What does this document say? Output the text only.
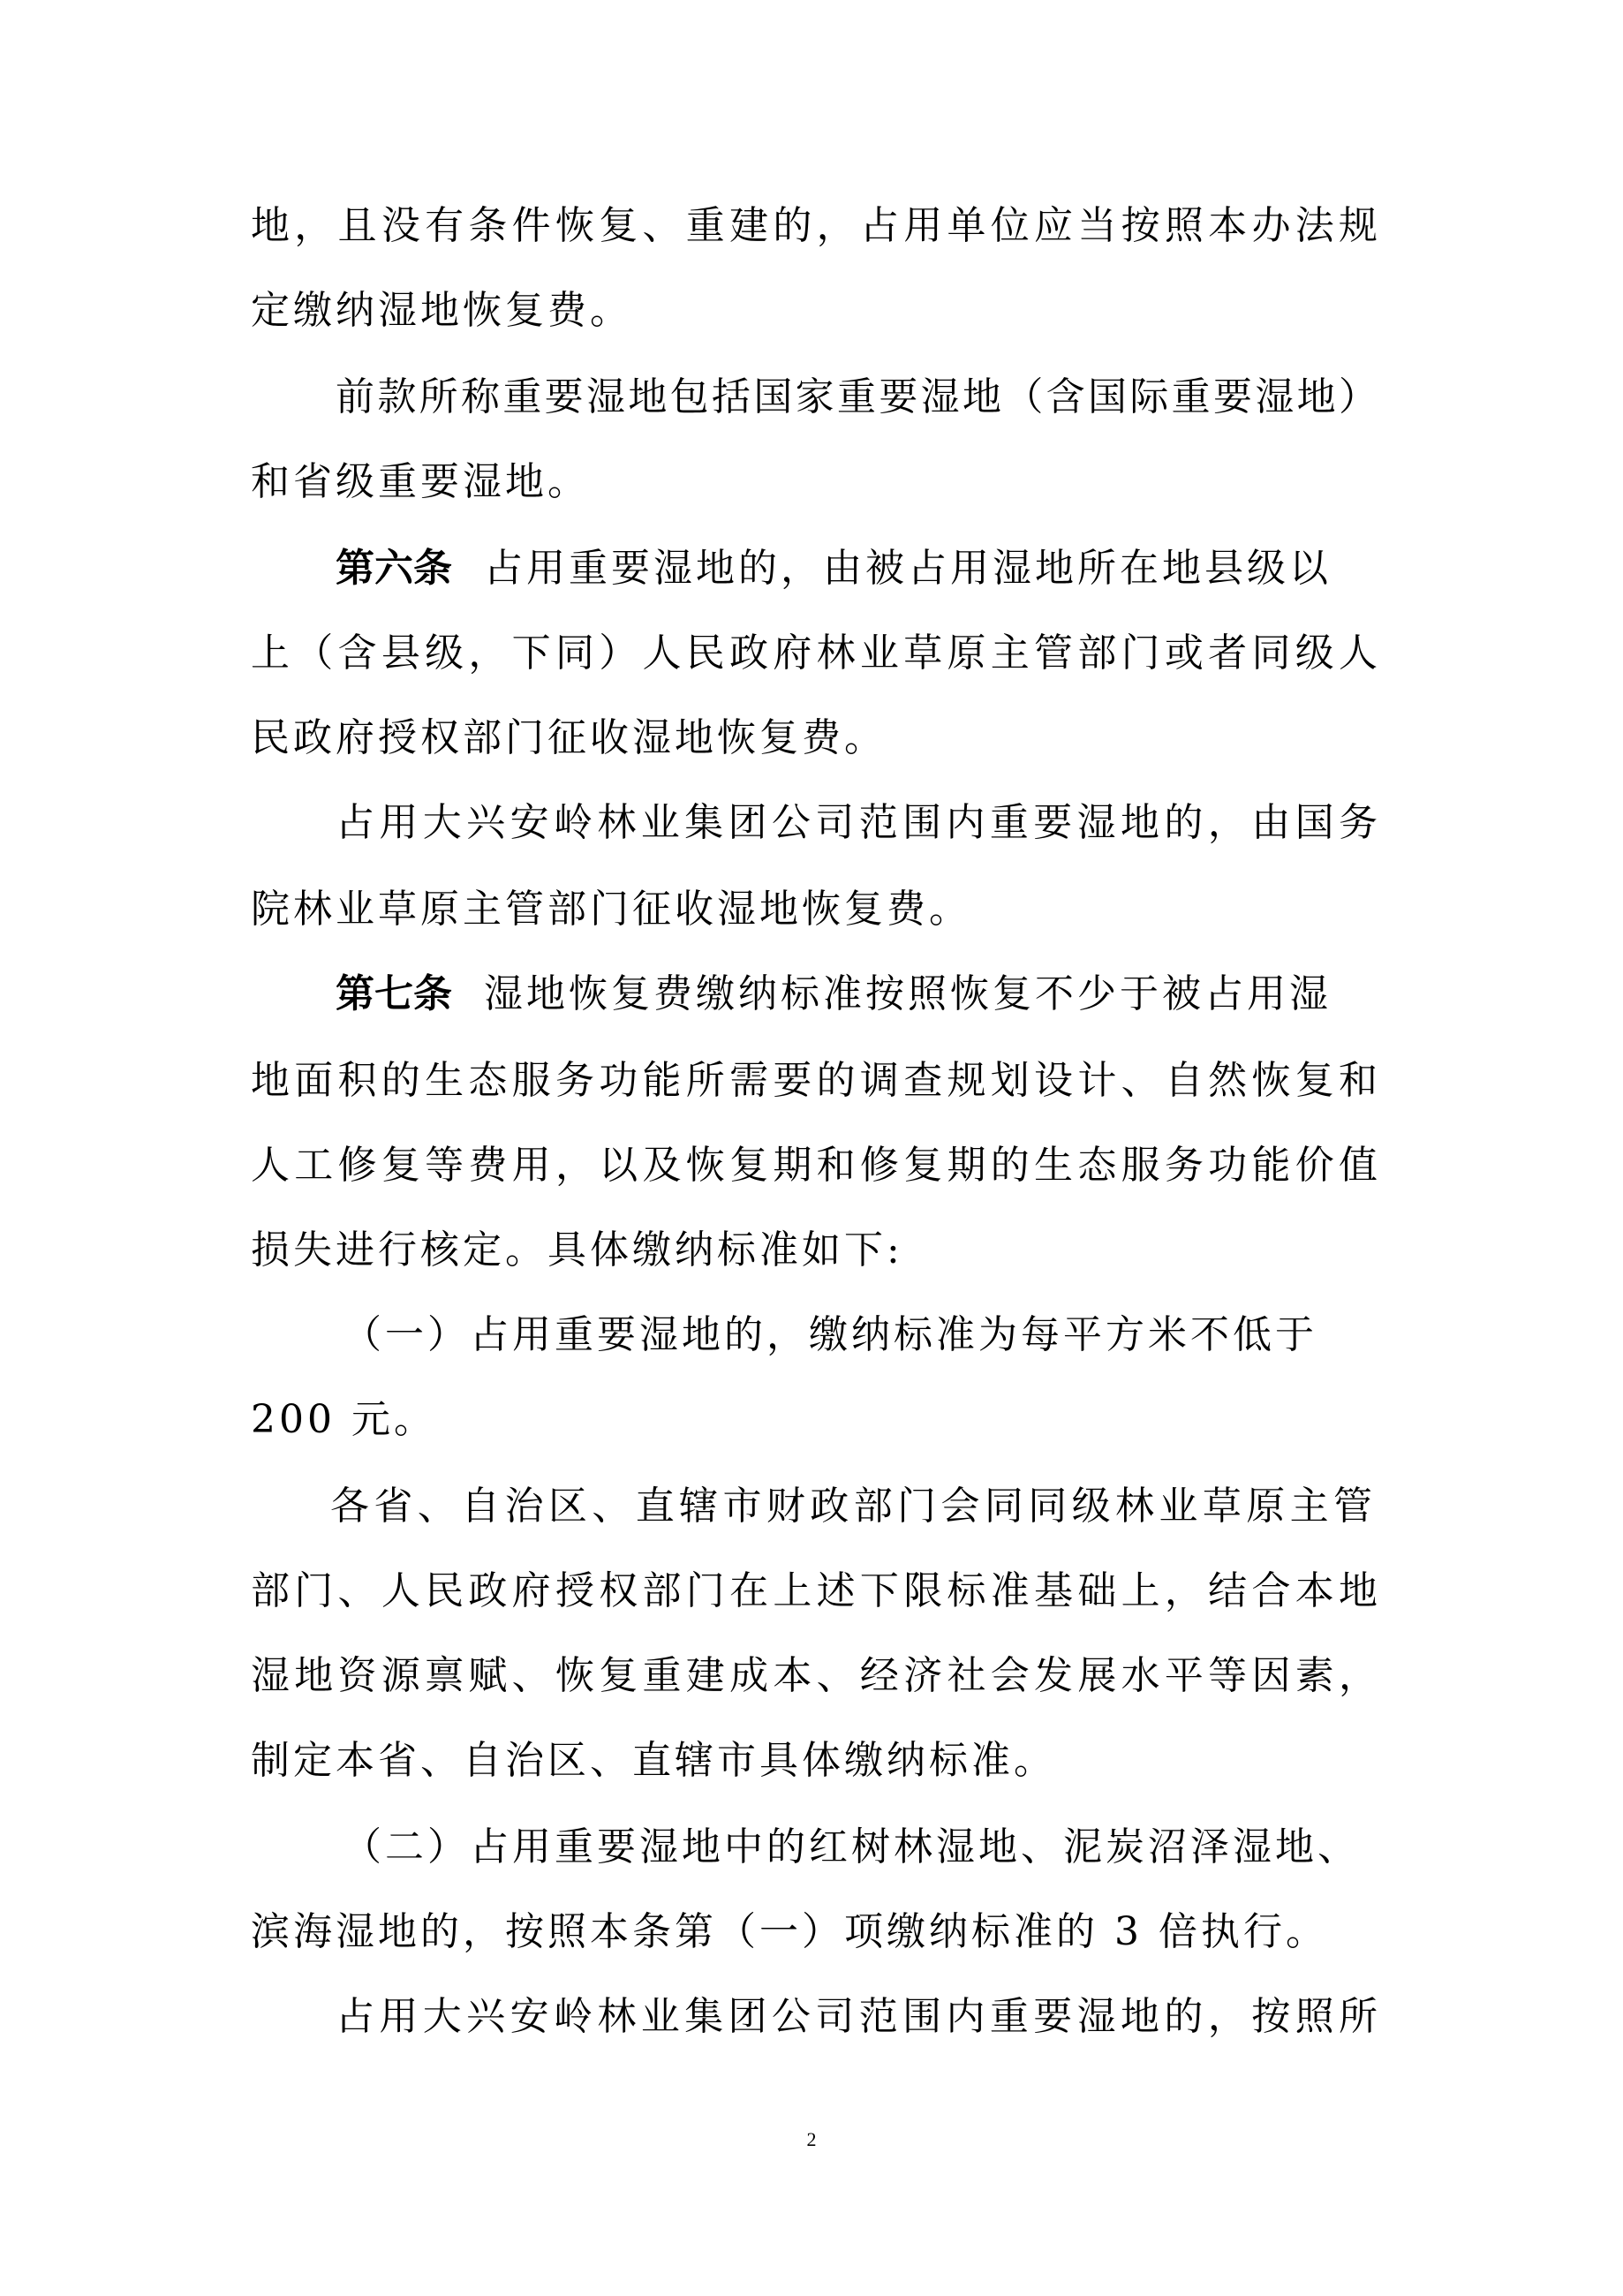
地，且没有条件恢复、重建的，占用单位应当按照本办法规
定缴纳湿地恢复费。
前款所称重要湿地包括国家重要湿地（含国际重要湿地）
和省级重要湿地。
第六条 占用重要湿地的，由被占用湿地所在地县级以
上（含县级，下同）人民政府林业草原主管部门或者同级人
民政府授权部门征收湿地恢复费。
占用大兴安岭林业集团公司范围内重要湿地的，由国务
院林业草原主管部门征收湿地恢复费。
第七条 湿地恢复费缴纳标准按照恢复不少于被占用湿
地面积的生态服务功能所需要的调查规划设计、自然恢复和
人工修复等费用，以及恢复期和修复期的生态服务功能价值
损失进行核定。具体缴纳标准如下:
（一）占用重要湿地的，缴纳标准为每平方米不低于
200 元。
各省、自治区、直辖市财政部门会同同级林业草原主管
部门、人民政府授权部门在上述下限标准基础上，结合本地
湿地资源禀赋、恢复重建成本、经济社会发展水平等因素，
制定本省、自治区、直辖市具体缴纳标准。
（二）占用重要湿地中的红树林湿地、泥炭沼泽湿地、
滨海湿地的，按照本条第（一）项缴纳标准的 3 倍执行。
占用大兴安岭林业集团公司范围内重要湿地的，按照所
2
